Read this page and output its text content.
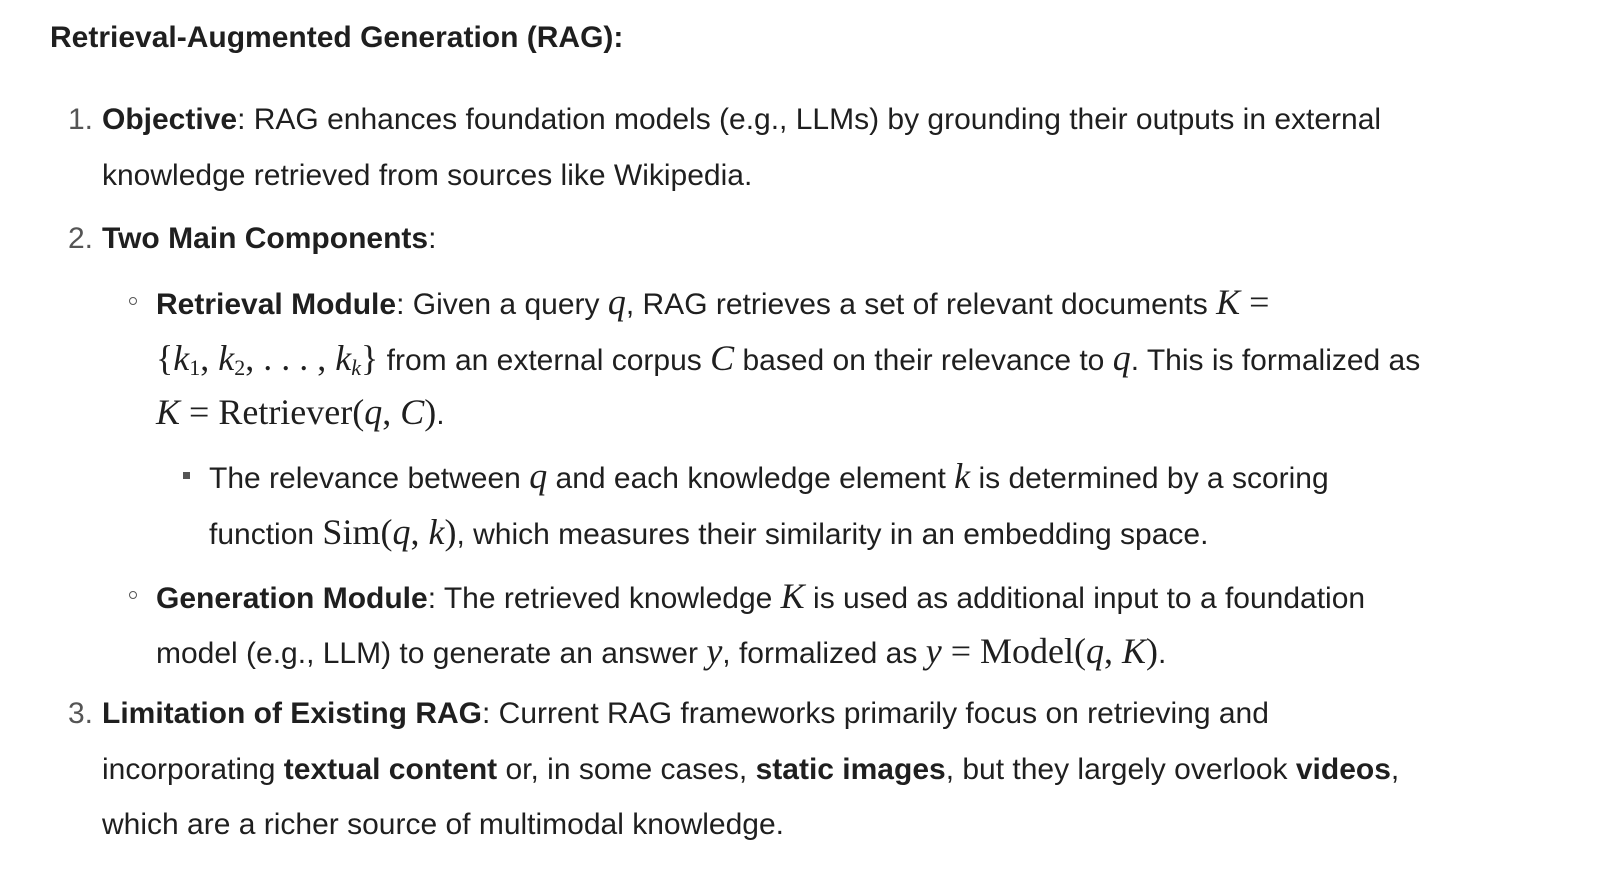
Retrieval-Augmented Generation (RAG):
1. Objective: RAG enhances foundation models (e.g., LLMs) by grounding their outputs in external
knowledge retrieved from sources like Wikipedia.
2. Two Main Components:
Retrieval Module: Given a query q, RAG retrieves a set of relevant documents K =
{$k_1$, $k_2$, . . . , $k_k$} from an external corpus C based on their relevance to q. This is formalized as
K = Retriever(q, C).
The relevance between q and each knowledge element k is determined by a scoring
function Sim(q, k), which measures their similarity in an embedding space.
Generation Module: The retrieved knowledge K is used as additional input to a foundation
model (e.g., LLM) to generate an answer y, formalized as y = Model(q, K).
3. Limitation of Existing RAG: Current RAG frameworks primarily focus on retrieving and
incorporating textual content or, in some cases, static images, but they largely overlook videos,
which are a richer source of multimodal knowledge.
